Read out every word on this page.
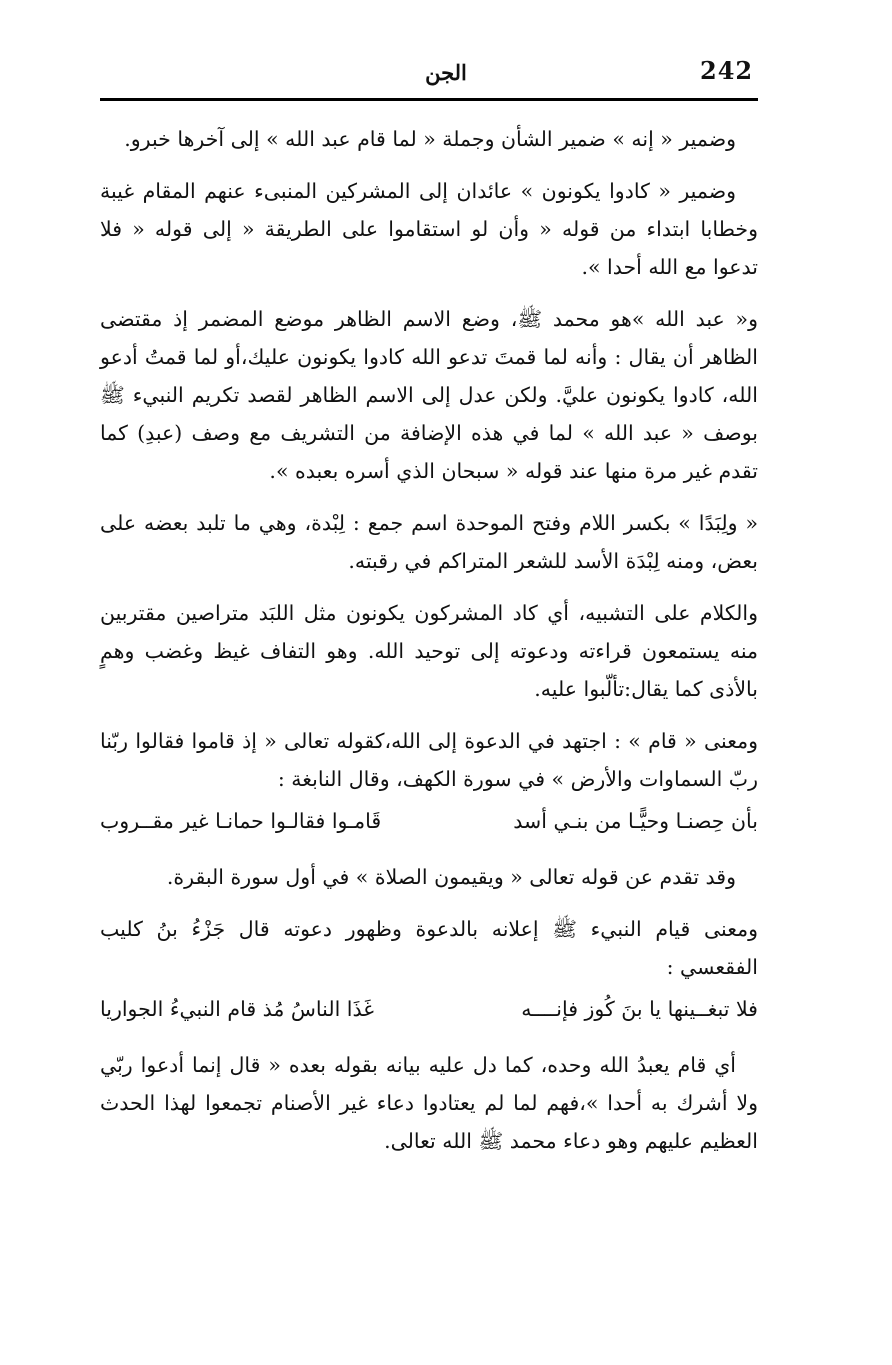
242
الجن

وضمير « إنه » ضمير الشأن وجملة « لما قام عبد الله » إلى آخرها خبرو.

وضمير « كادوا يكونون » عائدان إلى المشركين المنبىء عنهم المقام غيبة وخطابا ابتداء من قوله « وأن لو استقاموا على الطريقة « إلى قوله « فلا تدعوا مع الله أحدا ».

و« عبد الله »هو محمد ﷺ، وضع الاسم الظاهر موضع المضمر إذ مقتضى الظاهر أن يقال : وأنه لما قمتَ تدعو الله كادوا يكونون عليك،أو لما قمتُ أدعو الله، كادوا يكونون عليَّ. ولكن عدل إلى الاسم الظاهر لقصد تكريم النبيء ﷺ بوصف « عبد الله » لما في هذه الإضافة من التشريف مع وصف (عبدِ) كما تقدم غير مرة منها عند قوله « سبحان الذي أسره بعبده ».

« ولِبَدًا » بكسر اللام وفتح الموحدة اسم جمع : لِبْدة، وهي ما تلبد بعضه على بعض، ومنه لِبْدَة الأسد للشعر المتراكم في رقبته.

والكلام على التشبيه، أي كاد المشركون يكونون مثل اللبَد متراصين مقتربين منه يستمعون قراءته ودعوته إلى توحيد الله. وهو التفاف غيظ وغضب وهمٍ بالأذى كما يقال:تألّبوا عليه.

ومعنى « قام » : اجتهد في الدعوة إلى الله،كقوله تعالى « إذ قاموا فقالوا ربّنا ربّ السماوات والأرض » في سورة الكهف، وقال النابغة :

بأن حِصنـا وحيًّـا من بنـي أسد
قَامـوا فقالـوا حمانـا غير مقــروب

وقد تقدم عن قوله تعالى « ويقيمون الصلاة » في أول سورة البقرة.

ومعنى قيام النبيء ﷺ إعلانه بالدعوة وظهور دعوته قال جَزْءُ بنُ كليب الفقعسي :

فلا تبغــينها يا بنَ كُوز فإنــــه
غَذَا الناسُ مُذ قام النبيءُ الجواريا

أي قام يعبدُ الله وحده، كما دل عليه بيانه بقوله بعده « قال إنما أدعوا ربّي ولا أشرك به أحدا »،فهم لما لم يعتادوا دعاء غير الأصنام تجمعوا لهذا الحدث العظيم عليهم وهو دعاء محمد ﷺ الله تعالى.
